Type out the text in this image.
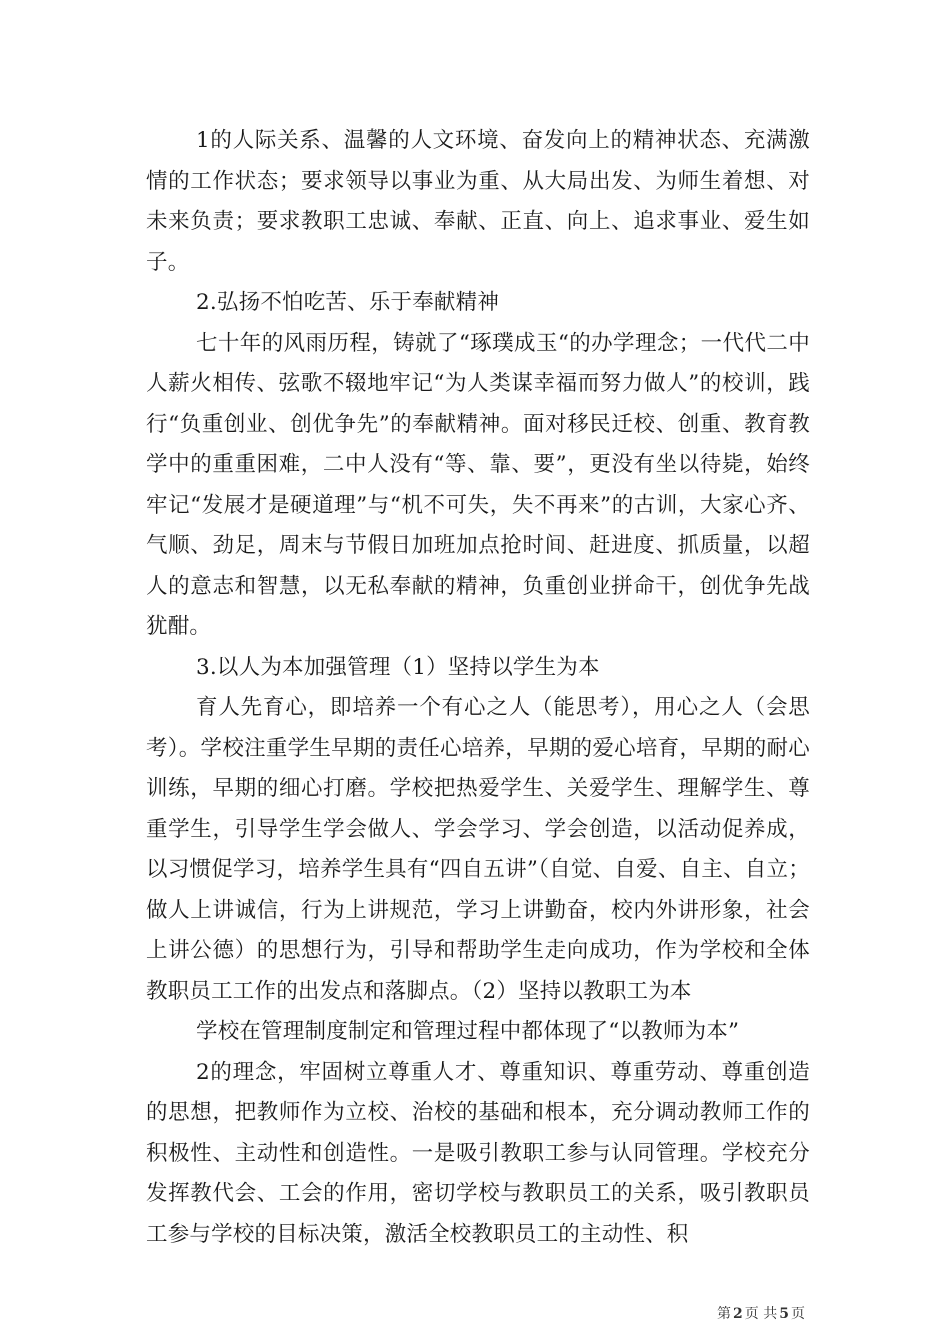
1的人际关系、温馨的人文环境、奋发向上的精神状态、充满激情的工作状态；要求领导以事业为重、从大局出发、为师生着想、对未来负责；要求教职工忠诚、奉献、正直、向上、追求事业、爱生如子。

2.弘扬不怕吃苦、乐于奉献精神

七十年的风雨历程，铸就了“琢璞成玉“的办学理念；一代代二中人薪火相传、弦歌不辍地牢记“为人类谋幸福而努力做人”的校训，践行“负重创业、创优争先”的奉献精神。面对移民迁校、创重、教育教学中的重重困难，二中人没有“等、靠、要”，更没有坐以待毙，始终牢记“发展才是硬道理”与“机不可失，失不再来”的古训，大家心齐、气顺、劲足，周末与节假日加班加点抢时间、赶进度、抓质量，以超人的意志和智慧，以无私奉献的精神，负重创业拼命干，创优争先战犹酣。

3.以人为本加强管理（1）坚持以学生为本

育人先育心，即培养一个有心之人（能思考），用心之人（会思考）。学校注重学生早期的责任心培养，早期的爱心培育，早期的耐心训练，早期的细心打磨。学校把热爱学生、关爱学生、理解学生、尊重学生，引导学生学会做人、学会学习、学会创造，以活动促养成，以习惯促学习，培养学生具有“四自五讲”（自觉、自爱、自主、自立；做人上讲诚信，行为上讲规范，学习上讲勤奋，校内外讲形象，社会上讲公德）的思想行为，引导和帮助学生走向成功，作为学校和全体教职员工工作的出发点和落脚点。（2）坚持以教职工为本

学校在管理制度制定和管理过程中都体现了“以教师为本”

2的理念，牢固树立尊重人才、尊重知识、尊重劳动、尊重创造的思想，把教师作为立校、治校的基础和根本，充分调动教师工作的积极性、主动性和创造性。一是吸引教职工参与认同管理。学校充分发挥教代会、工会的作用，密切学校与教职员工的关系，吸引教职员工参与学校的目标决策，激活全校教职员工的主动性、积

第 2 页 共 5 页
